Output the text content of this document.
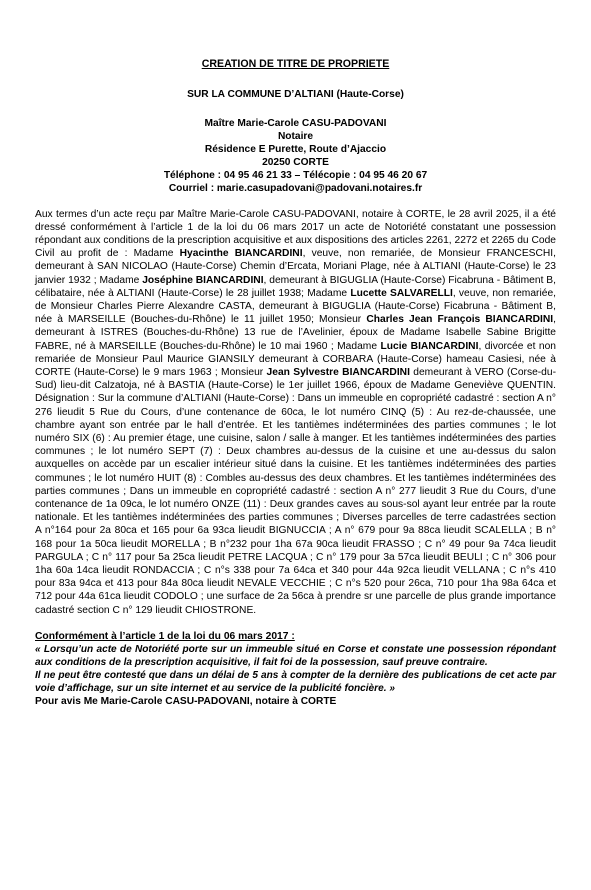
CREATION DE TITRE DE PROPRIETE
SUR LA COMMUNE D’ALTIANI (Haute-Corse)
Maître Marie-Carole CASU-PADOVANI
Notaire
Résidence E Purette, Route d’Ajaccio
20250 CORTE
Téléphone : 04 95 46 21 33 – Télécopie : 04 95 46 20 67
Courriel : marie.casupadovani@padovani.notaires.fr
Aux termes d’un acte reçu par Maître Marie-Carole CASU-PADOVANI, notaire à CORTE, le 28 avril 2025, il a été dressé conformément à l’article 1 de la loi du 06 mars 2017 un acte de Notoriété constatant une possession répondant aux conditions de la prescription acquisitive et aux dispositions des articles 2261, 2272 et 2265 du Code Civil au profit de : Madame Hyacinthe BIANCARDINI, veuve, non remariée, de Monsieur FRANCESCHI, demeurant à SAN NICOLAO (Haute-Corse) Chemin d’Ercata, Moriani Plage, née à ALTIANI (Haute-Corse) le 23 janvier 1932 ; Madame Joséphine BIANCARDINI, demeurant à BIGUGLIA (Haute-Corse) Ficabruna - Bâtiment B, célibataire, née à ALTIANI (Haute-Corse) le 28 juillet 1938; Madame Lucette SALVARELLI, veuve, non remariée, de Monsieur Charles Pierre Alexandre CASTA, demeurant à BIGUGLIA (Haute-Corse) Ficabruna - Bâtiment B, née à MARSEILLE (Bouches-du-Rhône) le 11 juillet 1950; Monsieur Charles Jean François BIANCARDINI, demeurant à ISTRES (Bouches-du-Rhône) 13 rue de l’Avelinier, époux de Madame Isabelle Sabine Brigitte FABRE, né à MARSEILLE (Bouches-du-Rhône) le 10 mai 1960 ; Madame Lucie BIANCARDINI, divorcée et non remariée de Monsieur Paul Maurice GIANSILY demeurant à CORBARA (Haute-Corse) hameau Casiesi, née à CORTE (Haute-Corse) le 9 mars 1963 ; Monsieur Jean Sylvestre BIANCARDINI demeurant à VERO (Corse-du-Sud) lieu-dit Calzatoja, né à BASTIA (Haute-Corse) le 1er juillet 1966, époux de Madame Geneviève QUENTIN. Désignation : Sur la commune d’ALTIANI (Haute-Corse) : Dans un immeuble en copropriété cadastré : section A n° 276 lieudit 5 Rue du Cours, d’une contenance de 60ca, le lot numéro CINQ (5) : Au rez-de-chaussée, une chambre ayant son entrée par le hall d’entrée. Et les tantièmes indéterminées des parties communes ; le lot numéro SIX (6) : Au premier étage, une cuisine, salon / salle à manger. Et les tantièmes indéterminées des parties communes ; le lot numéro SEPT (7) : Deux chambres au-dessus de la cuisine et une au-dessus du salon auxquelles on accède par un escalier intérieur situé dans la cuisine. Et les tantièmes indéterminées des parties communes ; le lot numéro HUIT (8) : Combles au-dessus des deux chambres. Et les tantièmes indéterminées des parties communes ; Dans un immeuble en copropriété cadastré : section A n° 277 lieudit 3 Rue du Cours, d’une contenance de 1a 09ca, le lot numéro ONZE (11) : Deux grandes caves au sous-sol ayant leur entrée par la route nationale. Et les tantièmes indéterminées des parties communes ; Diverses parcelles de terre cadastrées section A n°164 pour 2a 80ca et 165 pour 6a 93ca lieudit BIGNUCCIA ; A n° 679 pour 9a 88ca lieudit SCALELLA ; B n° 168 pour 1a 50ca lieudit MORELLA ; B n°232 pour 1ha 67a 90ca lieudit FRASSO ; C n° 49 pour 9a 74ca lieudit PARGULA ; C n° 117 pour 5a 25ca lieudit PETRE LACQUA ; C n° 179 pour 3a 57ca lieudit BEULI ; C n° 306 pour 1ha 60a 14ca lieudit RONDACCIA ; C n°s 338 pour 7a 64ca et 340 pour 44a 92ca lieudit VELLANA ; C n°s 410 pour 83a 94ca et 413 pour 84a 80ca lieudit NEVALE VECCHIE ; C n°s 520 pour 26ca, 710 pour 1ha 98a 64ca et 712 pour 44a 61ca lieudit CODOLO ; une surface de 2a 56ca à prendre sr une parcelle de plus grande importance cadastré section C n° 129 lieudit CHIOSTRONE.
Conformément à l’article 1 de la loi du 06 mars 2017 :
« Lorsqu’un acte de Notoriété porte sur un immeuble situé en Corse et constate une possession répondant aux conditions de la prescription acquisitive, il fait foi de la possession, sauf preuve contraire.
Il ne peut être contesté que dans un délai de 5 ans à compter de la dernière des publications de cet acte par voie d’affichage, sur un site internet et au service de la publicité foncière. »
Pour avis Me Marie-Carole CASU-PADOVANI, notaire à CORTE
